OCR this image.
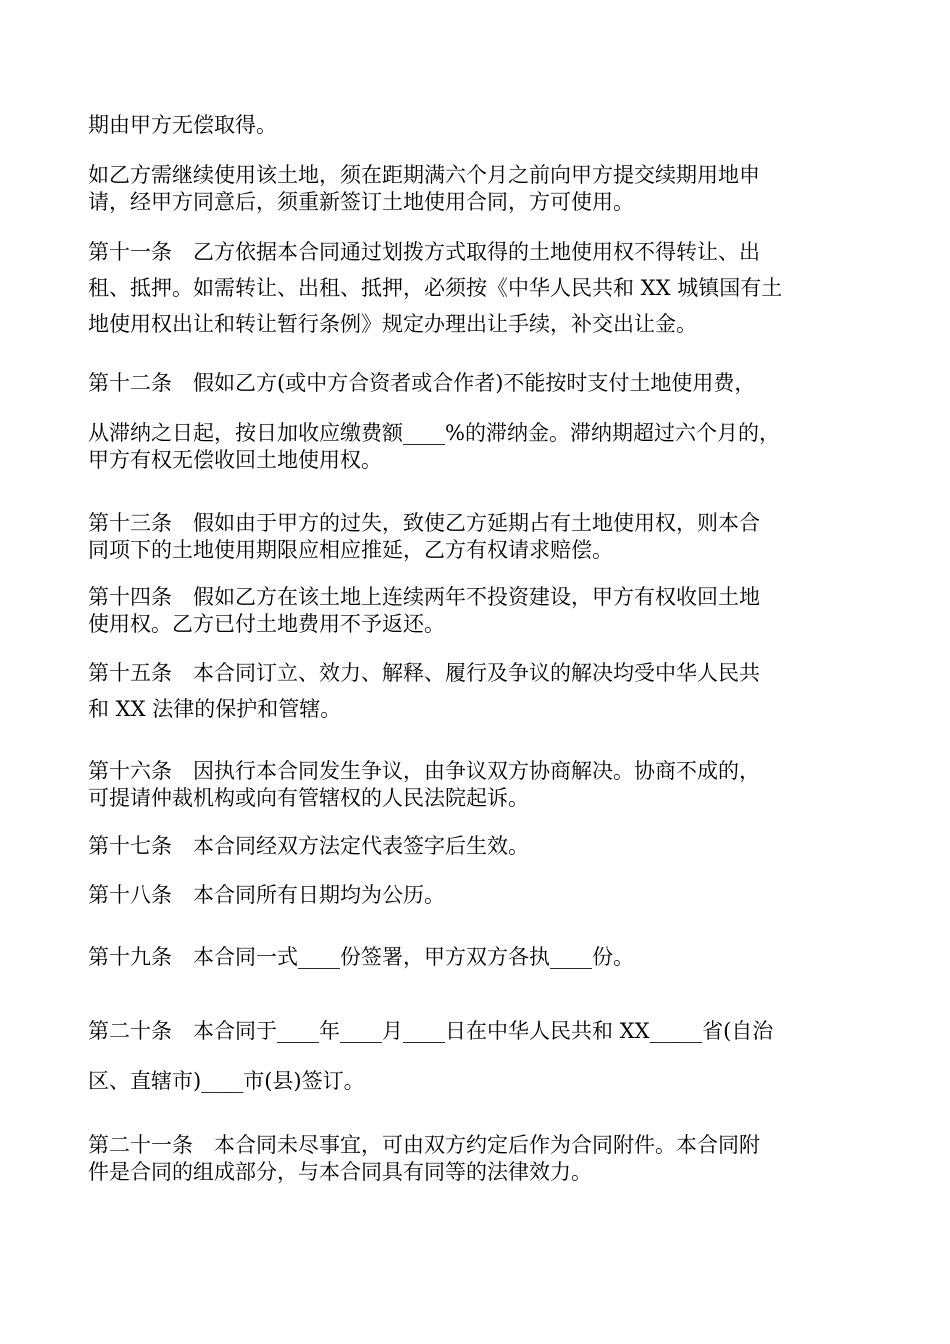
期由甲方无偿取得。

如乙方需继续使用该土地，须在距期满六个月之前向甲方提交续期用地申
请，经甲方同意后，须重新签订土地使用合同，方可使用。

第十一条　乙方依据本合同通过划拨方式取得的土地使用权不得转让、出
租、抵押。如需转让、出租、抵押，必须按《中华人民共和 XX 城镇国有土
地使用权出让和转让暂行条例》规定办理出让手续，补交出让金。

第十二条　假如乙方(或中方合资者或合作者)不能按时支付土地使用费，

从滞纳之日起，按日加收应缴费额____%的滞纳金。滞纳期超过六个月的，
甲方有权无偿收回土地使用权。

第十三条　假如由于甲方的过失，致使乙方延期占有土地使用权，则本合
同项下的土地使用期限应相应推延，乙方有权请求赔偿。

第十四条　假如乙方在该土地上连续两年不投资建设，甲方有权收回土地
使用权。乙方已付土地费用不予返还。

第十五条　本合同订立、效力、解释、履行及争议的解决均受中华人民共
和 XX 法律的保护和管辖。

第十六条　因执行本合同发生争议，由争议双方协商解决。协商不成的，
可提请仲裁机构或向有管辖权的人民法院起诉。

第十七条　本合同经双方法定代表签字后生效。

第十八条　本合同所有日期均为公历。

第十九条　本合同一式____份签署，甲方双方各执____份。

第二十条　本合同于____年____月____日在中华人民共和 XX_____省(自治

区、直辖市)____市(县)签订。

第二十一条　本合同未尽事宜，可由双方约定后作为合同附件。本合同附
件是合同的组成部分，与本合同具有同等的法律效力。
